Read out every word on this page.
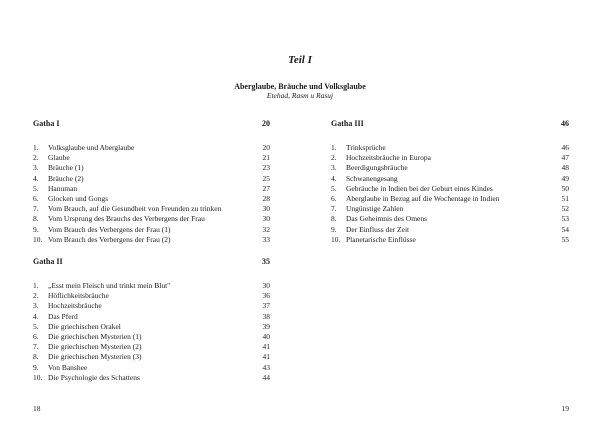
Teil I
Aberglaube, Bräuche und Volksglaube
Etehad, Rasm u Rasuj
Gatha I	20
1. Volksglaube und Aberglaube	20
2. Glaube	21
3. Bräuche (1)	23
4. Bräuche (2)	25
5. Hanuman	27
6. Glocken und Gongs	28
7. Vom Brauch, auf die Gesundheit von Freunden zu trinken	30
8. Vom Ursprung des Brauchs des Verbergens der Frau	30
9. Vom Brauch des Verbergens der Frau (1)	32
10. Vom Brauch des Verbergens der Frau (2)	33
Gatha II	35
1. „Esst mein Fleisch und trinkt mein Blut"	30
2. Höflichkeitsbräuche	36
3. Hochzeitsbräuche	37
4. Das Pferd	38
5. Die griechischen Orakel	39
6. Die griechischen Mysterien (1)	40
7. Die griechischen Mysterien (2)	41
8. Die griechischen Mysterien (3)	41
9. Von Banshee	43
10. Die Psychologie des Schattens	44
Gatha III	46
1. Trinksprüche	46
2. Hochzeitsbräuche in Europa	47
3. Beerdigungsbräuche	48
4. Schwanengesang	49
5. Gebräuche in Indien bei der Geburt eines Kindes	50
6. Aberglaube in Bezug auf die Wochentage in Indien	51
7. Ungünstige Zahlen	52
8. Das Geheimnis des Omens	53
9. Der Einfluss der Zeit	54
10. Planetarische Einflüsse	55
18	19
